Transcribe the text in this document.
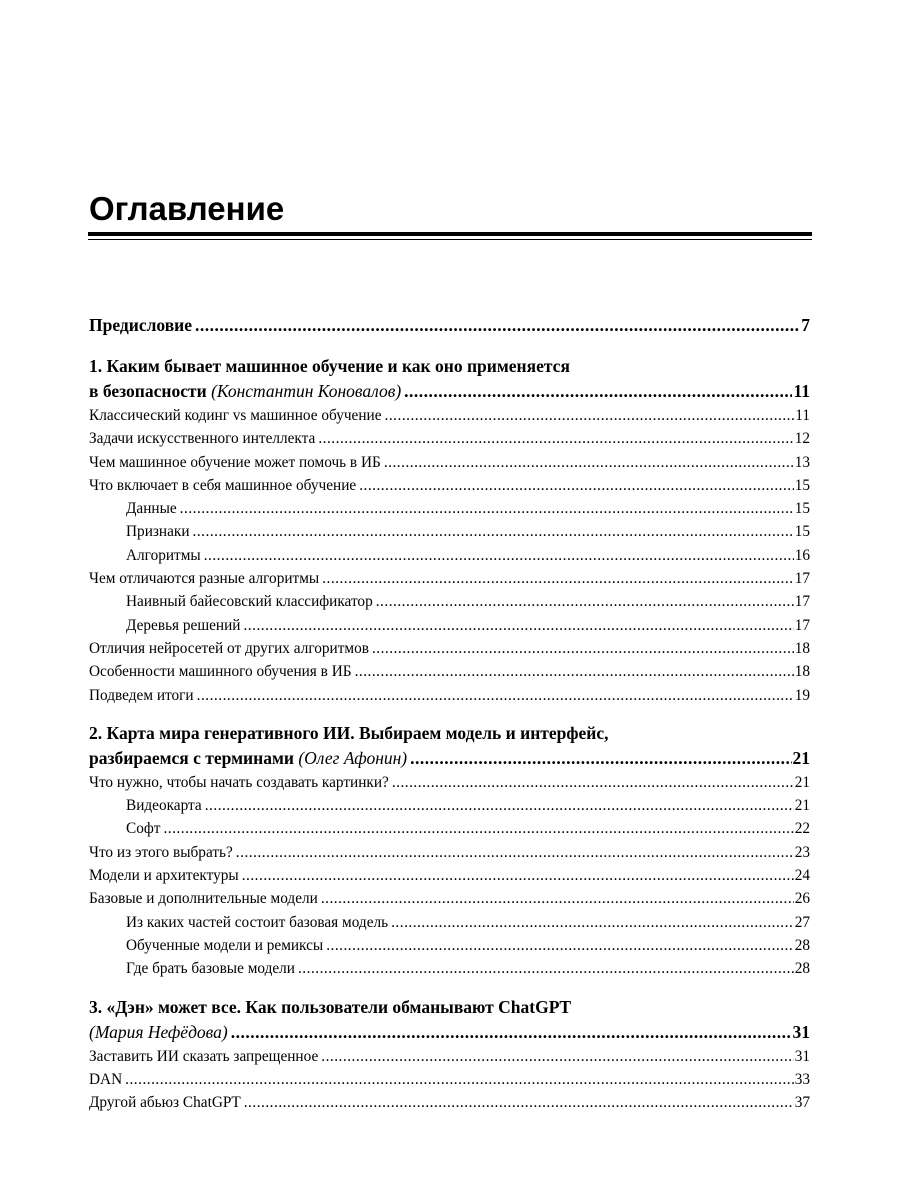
Оглавление
Предисловие .....	7
1. Каким бывает машинное обучение и как оно применяется
в безопасности (Константин Коновалов) .....	11
Классический кодинг vs машинное обучение .....	11
Задачи искусственного интеллекта .....	12
Чем машинное обучение может помочь в ИБ .....	13
Что включает в себя машинное обучение .....	15
Данные .....	15
Признаки .....	15
Алгоритмы .....	16
Чем отличаются разные алгоритмы .....	17
Наивный байесовский классификатор .....	17
Деревья решений .....	17
Отличия нейросетей от других алгоритмов .....	18
Особенности машинного обучения в ИБ .....	18
Подведем итоги .....	19
2. Карта мира генеративного ИИ. Выбираем модель и интерфейс,
разбираемся с терминами (Олег Афонин) .....	21
Что нужно, чтобы начать создавать картинки? .....	21
Видеокарта .....	21
Софт .....	22
Что из этого выбрать? .....	23
Модели и архитектуры .....	24
Базовые и дополнительные модели .....	26
Из каких частей состоит базовая модель .....	27
Обученные модели и ремиксы .....	28
Где брать базовые модели .....	28
3. «Дэн» может все. Как пользователи обманывают ChatGPT
(Мария Нефёдова) .....	31
Заставить ИИ сказать запрещенное .....	31
DAN .....	33
Другой абьюз ChatGPT .....	37
